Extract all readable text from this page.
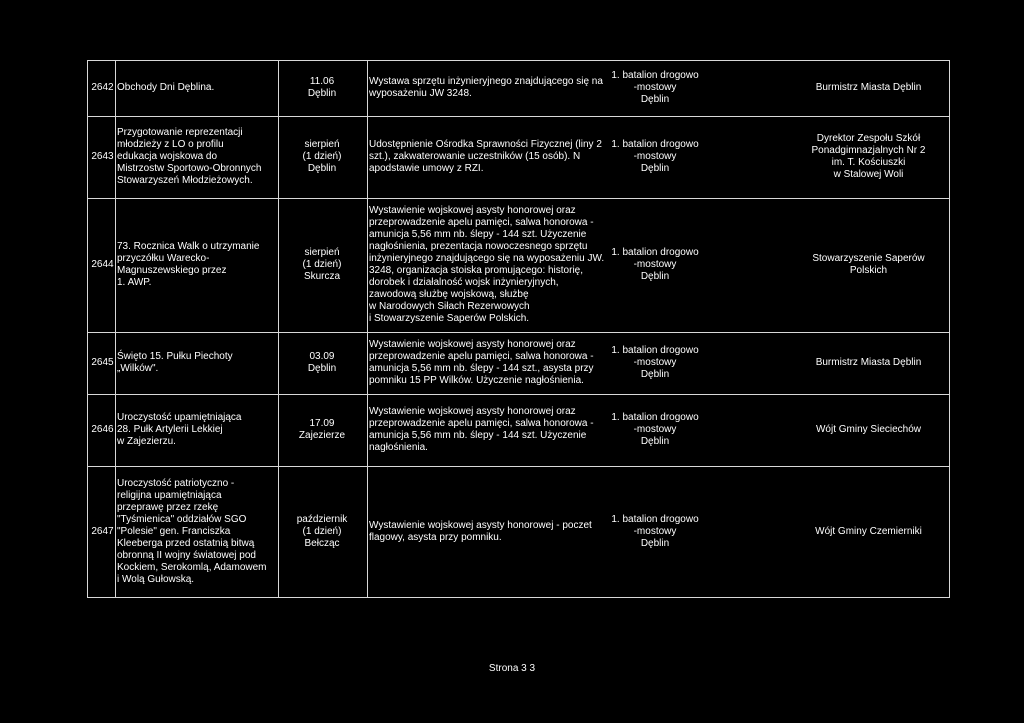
2642 Obchody Dni Dęblina.
11.06
Dęblin
Wystawa sprzętu inżynieryjnego znajdującego się na
wyposażeniu JW 3248.
1. batalion drogowo
-mostowy
Dęblin
Burmistrz Miasta Dęblin
2643
Przygotowanie reprezentacji
młodzieży z LO o profilu
edukacja wojskowa do
Mistrzostw Sportowo-Obronnych
Stowarzyszeń Młodzieżowych.
sierpień
(1 dzień)
Dęblin
Udostępnienie Ośrodka Sprawności Fizycznej (liny 2
szt.), zakwaterowanie uczestników (15 osób). N
apodstawie umowy z RZI.
1. batalion drogowo
-mostowy
Dęblin
Dyrektor Zespołu Szkół
Ponadgimnazjalnych Nr 2
im. T. Kościuszki
w Stalowej Woli
2644
73. Rocznica Walk o utrzymanie
przyczółku Warecko-
Magnuszewskiego przez
1. AWP.
sierpień
(1 dzień)
Skurcza
Wystawienie wojskowej asysty honorowej oraz
przeprowadzenie apelu pamięci, salwa honorowa -
amunicja 5,56 mm nb. ślepy - 144 szt. Użyczenie
nagłośnienia, prezentacja nowoczesnego sprzętu
inżynieryjnego znajdującego się na wyposażeniu JW.
3248, organizacja stoiska promującego: historię,
dorobek i działalność wojsk inżynieryjnych,
zawodową służbę wojskową, służbę
w Narodowych Siłach Rezerwowych
i Stowarzyszenie Saperów Polskich.
1. batalion drogowo
-mostowy
Dęblin
Stowarzyszenie Saperów
Polskich
2645
Święto 15. Pułku Piechoty
„Wilków".
03.09
Dęblin
Wystawienie wojskowej asysty honorowej oraz
przeprowadzenie apelu pamięci, salwa honorowa -
amunicja 5,56 mm nb. ślepy - 144 szt., asysta przy
pomniku 15 PP Wilków. Użyczenie nagłośnienia.
1. batalion drogowo
-mostowy
Dęblin
Burmistrz Miasta Dęblin
2646
Uroczystość upamiętniająca
28. Pułk Artylerii Lekkiej
w Zajezierzu.
17.09
Zajezierze
Wystawienie wojskowej asysty honorowej oraz
przeprowadzenie apelu pamięci, salwa honorowa -
amunicja 5,56 mm nb. ślepy - 144 szt. Użyczenie
nagłośnienia.
1. batalion drogowo
-mostowy
Dęblin
Wójt Gminy Sieciechów
2647
Uroczystość patriotyczno -
religijna upamiętniająca
przeprawę przez rzekę
"Tyśmienica" oddziałów SGO
"Polesie" gen. Franciszka
Kleeberga przed ostatnią bitwą
obronną II wojny światowej pod
Kockiem, Serokomlą, Adamowem
i Wolą Gułowską.
październik
(1 dzień)
Bełcząc
Wystawienie wojskowej asysty honorowej - poczet
flagowy, asysta przy pomniku.
1. batalion drogowo
-mostowy
Dęblin
Wójt Gminy Czemierniki
Strona 3 3
